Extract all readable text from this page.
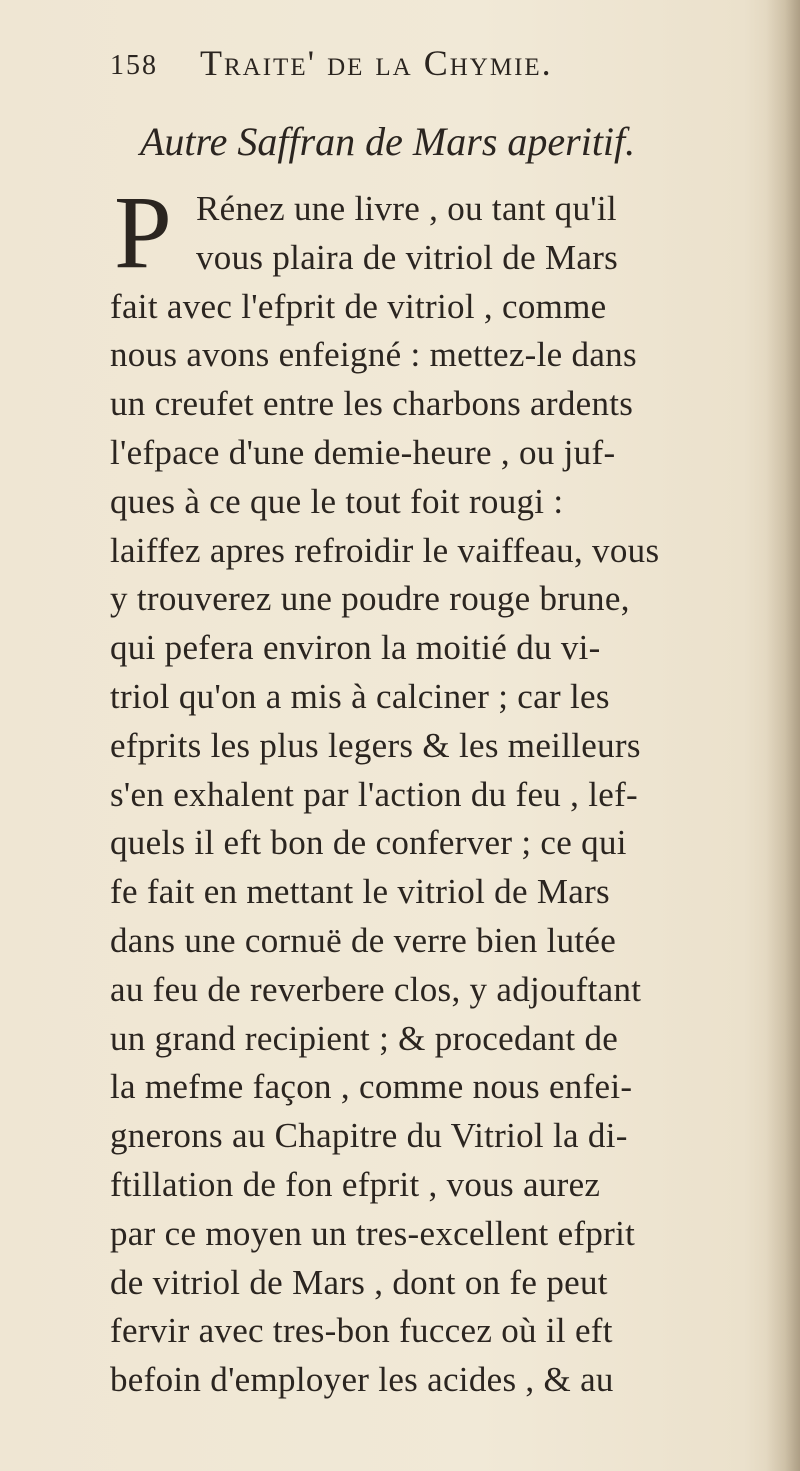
158 Traite' de la Chymie.
Autre Saffran de Mars aperitif.
P Rénez une livre , ou tant qu'il
vous plaira de vitriol de Mars
fait avec l'efprit de vitriol , comme
nous avons enfeigné : mettez-le dans
un creufet entre les charbons ardents
l'efpace d'une demie-heure , ou juf-
ques à ce que le tout foit rougi :
laiffez apres refroidir le vaiffeau, vous
y trouverez une poudre rouge brune,
qui pefera environ la moitié du vi-
triol qu'on a mis à calciner ; car les
efprits les plus legers & les meilleurs
s'en exhalent par l'action du feu , lef-
quels il eft bon de conferver ; ce qui
fe fait en mettant le vitriol de Mars
dans une cornuë de verre bien lutée
au feu de reverbere clos, y adjouftant
un grand recipient ; & procedant de
la mefme façon , comme nous enfei-
gnerons au Chapitre du Vitriol la di-
ftillation de fon efprit , vous aurez
par ce moyen un tres-excellent efprit
de vitriol de Mars , dont on fe peut
fervir avec tres-bon fuccez où il eft
befoin d'employer les acides , & au
